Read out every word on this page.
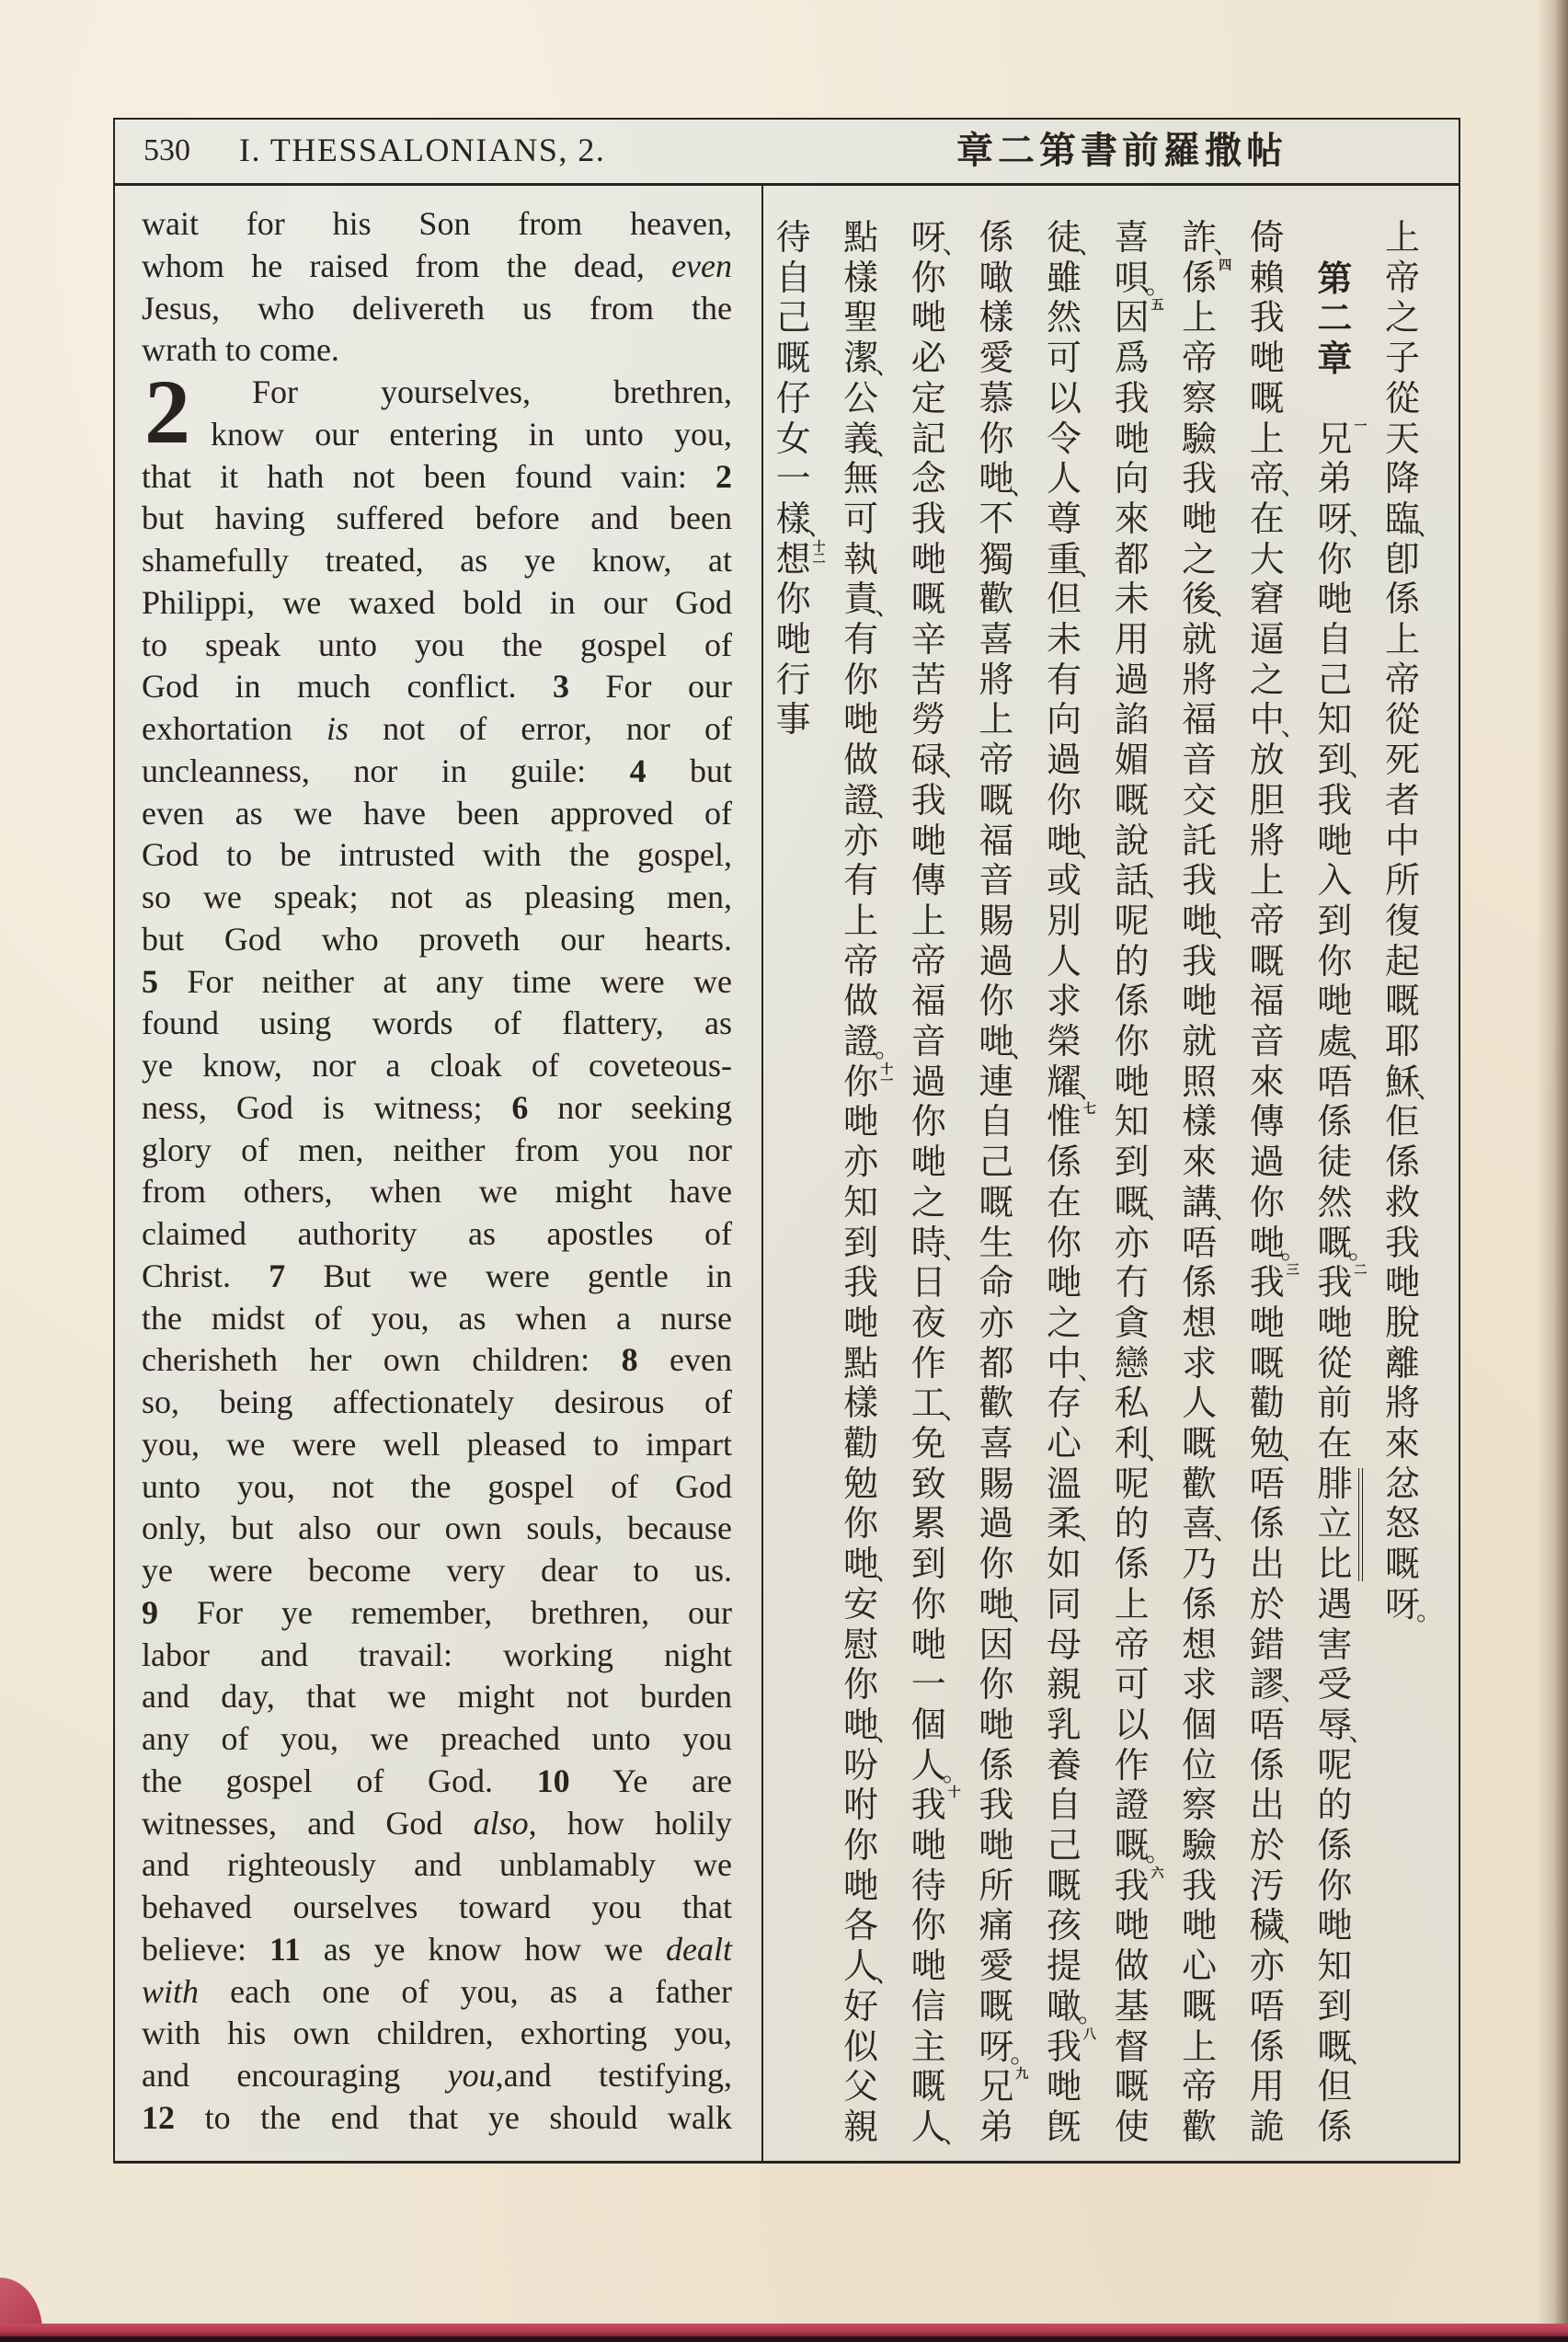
530 I. THESSALONIANS, 2.	章二第書前羅撒帖
wait for his Son from heaven,
whom he raised from the dead, even
Jesus, who delivereth us from the
wrath to come.
2	For yourselves, brethren,
know our entering in unto you,
that it hath not been found vain: 2
but having suffered before and been
shamefully treated, as ye know, at
Philippi, we waxed bold in our God
to speak unto you the gospel of
God in much conflict. 3 For our
exhortation is not of error, nor of
uncleanness, nor in guile: 4 but
even as we have been approved of
God to be intrusted with the gospel,
so we speak; not as pleasing men,
but God who proveth our hearts.
5 For neither at any time were we
found using words of flattery, as
ye know, nor a cloak of coveteous-
ness, God is witness; 6 nor seeking
glory of men, neither from you nor
from others, when we might have
claimed authority as apostles of
Christ. 7 But we were gentle in
the midst of you, as when a nurse
cherisheth her own children: 8 even
so, being affectionately desirous of
you, we were well pleased to impart
unto you, not the gospel of God
only, but also our own souls, because
ye were become very dear to us.
9 For ye remember, brethren, our
labor and travail: working night
and day, that we might not burden
any of you, we preached unto you
the gospel of God. 10 Ye are
witnesses, and God also, how holily
and righteously and unblamably we
behaved ourselves toward you that
believe: 11 as ye know how we dealt
with each one of you, as a father
with his own children, exhorting you,
and encouraging you,and testifying,
12 to the end that ye should walk
上
帝
之
子
從
天
降
臨
、
卽
係
上
帝
從
死
者
中
所
復
起
嘅
耶
穌
、
佢
係
救
我
哋
脫
離
將
來
忿
怒
嘅
呀
。
第
二
章
一
兄
弟
呀
、
你
哋
自
己
知
到
、
我
哋
入
到
你
哋
處
、
唔
係
徒
然
嘅
。
二
我
哋
從
前
在
腓
立
比
遇
害
受
辱
、
呢
的
係
你
哋
知
到
嘅
、
但
係
倚
賴
我
哋
嘅
上
帝
、
在
大
窘
逼
之
中
、
放
胆
將
上
帝
嘅
福
音
來
傳
過
你
哋
。
三
我
哋
嘅
勸
勉
、
唔
係
出
於
錯
謬
、
唔
係
出
於
汚
穢
、
亦
唔
係
用
詭
詐
、
四
係
上
帝
察
驗
我
哋
之
後
、
就
將
福
音
交
託
我
哋
、
我
哋
就
照
樣
來
講
、
唔
係
想
求
人
嘅
歡
喜
、
乃
係
想
求
個
位
察
驗
我
哋
心
嘅
上
帝
歡
喜
唄
。
五
因
爲
我
哋
向
來
都
未
用
過
諂
媚
嘅
說
話
、
呢
的
係
你
哋
知
到
嘅
、
亦
冇
貪
戀
私
利
、
呢
的
係
上
帝
可
以
作
證
嘅
。
六
我
哋
做
基
督
嘅
使
徒
、
雖
然
可
以
令
人
尊
重
、
但
未
有
向
過
你
哋
、
或
別
人
求
榮
耀
、
七
惟
係
在
你
哋
之
中
、
存
心
溫
柔
、
如
同
母
親
乳
養
自
己
嘅
孩
提
噉
。
八
我
哋
旣
係
噉
樣
愛
慕
你
哋
、
不
獨
歡
喜
將
上
帝
嘅
福
音
賜
過
你
哋
、
連
自
己
嘅
生
命
亦
都
歡
喜
賜
過
你
哋
、
因
你
哋
係
我
哋
所
痛
愛
嘅
呀
。
九
兄
弟
呀
、
你
哋
必
定
記
念
我
哋
嘅
辛
苦
勞
碌
、
我
哋
傳
上
帝
福
音
過
你
哋
之
時
、
日
夜
作
工
、
免
致
累
到
你
哋
一
個
人
。
十
我
哋
待
你
哋
信
主
嘅
人
、
點
樣
聖
潔
、
公
義
、
無
可
執
責
、
有
你
哋
做
證
、
亦
有
上
帝
做
證
。
十
一
你
哋
亦
知
到
我
哋
點
樣
勸
勉
你
哋
、
安
慰
你
哋
、
吩
咐
你
哋
各
人
、
好
似
父
親
待
自
己
嘅
仔
女
一
樣
、
十
二
想
你
哋
行
事
